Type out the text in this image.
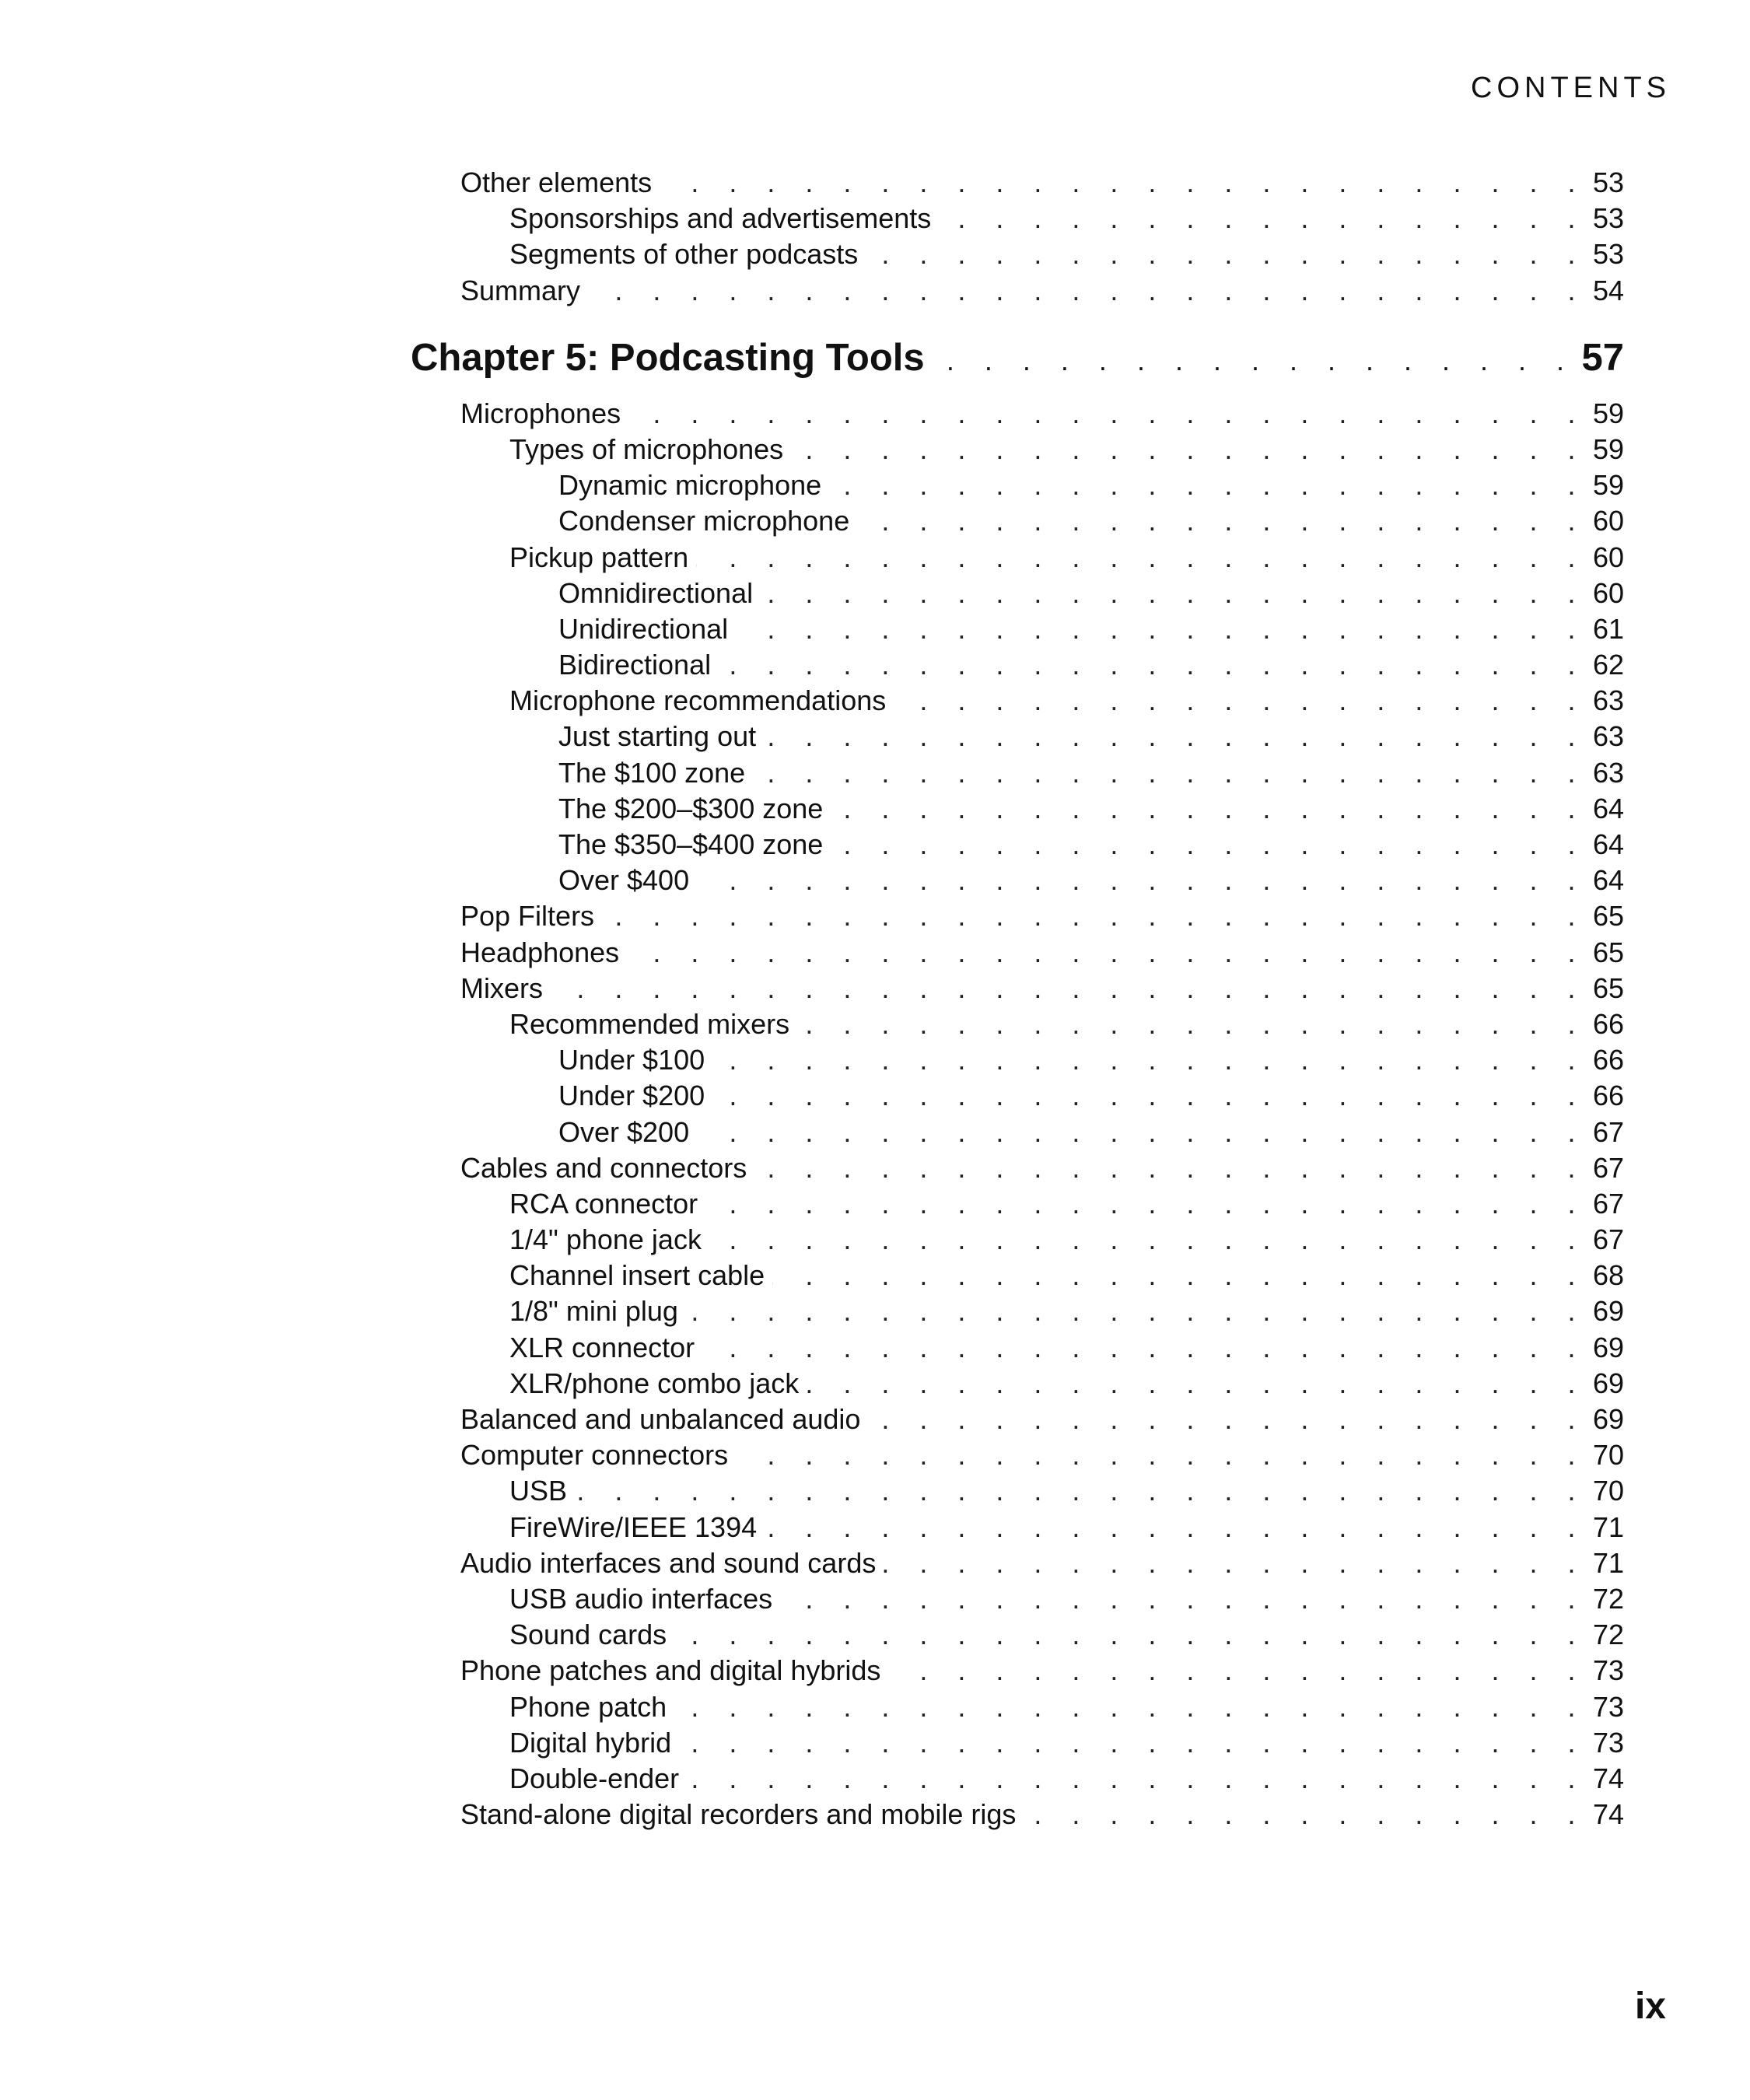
CONTENTS
Other elements . . .	53
Sponsorships and advertisements . . .	53
Segments of other podcasts . . .	53
Summary . . .	54
Chapter 5: Podcasting Tools . . .	57
Microphones . . .	59
Types of microphones . . .	59
Dynamic microphone . . .	59
Condenser microphone . . .	60
Pickup pattern . . .	60
Omnidirectional . . .	60
Unidirectional . . .	61
Bidirectional . . .	62
Microphone recommendations . . .	63
Just starting out . . .	63
The $100 zone . . .	63
The $200–$300 zone . . .	64
The $350–$400 zone . . .	64
Over $400 . . .	64
Pop Filters . . .	65
Headphones . . .	65
Mixers . . .	65
Recommended mixers . . .	66
Under $100 . . .	66
Under $200 . . .	66
Over $200 . . .	67
Cables and connectors . . .	67
RCA connector . . .	67
1/4" phone jack . . .	67
Channel insert cable . . .	68
1/8" mini plug . . .	69
XLR connector . . .	69
XLR/phone combo jack . . .	69
Balanced and unbalanced audio . . .	69
Computer connectors . . .	70
USB . . .	70
FireWire/IEEE 1394 . . .	71
Audio interfaces and sound cards . . .	71
USB audio interfaces . . .	72
Sound cards . . .	72
Phone patches and digital hybrids . . .	73
Phone patch . . .	73
Digital hybrid . . .	73
Double-ender . . .	74
Stand-alone digital recorders and mobile rigs . . .	74
ix
